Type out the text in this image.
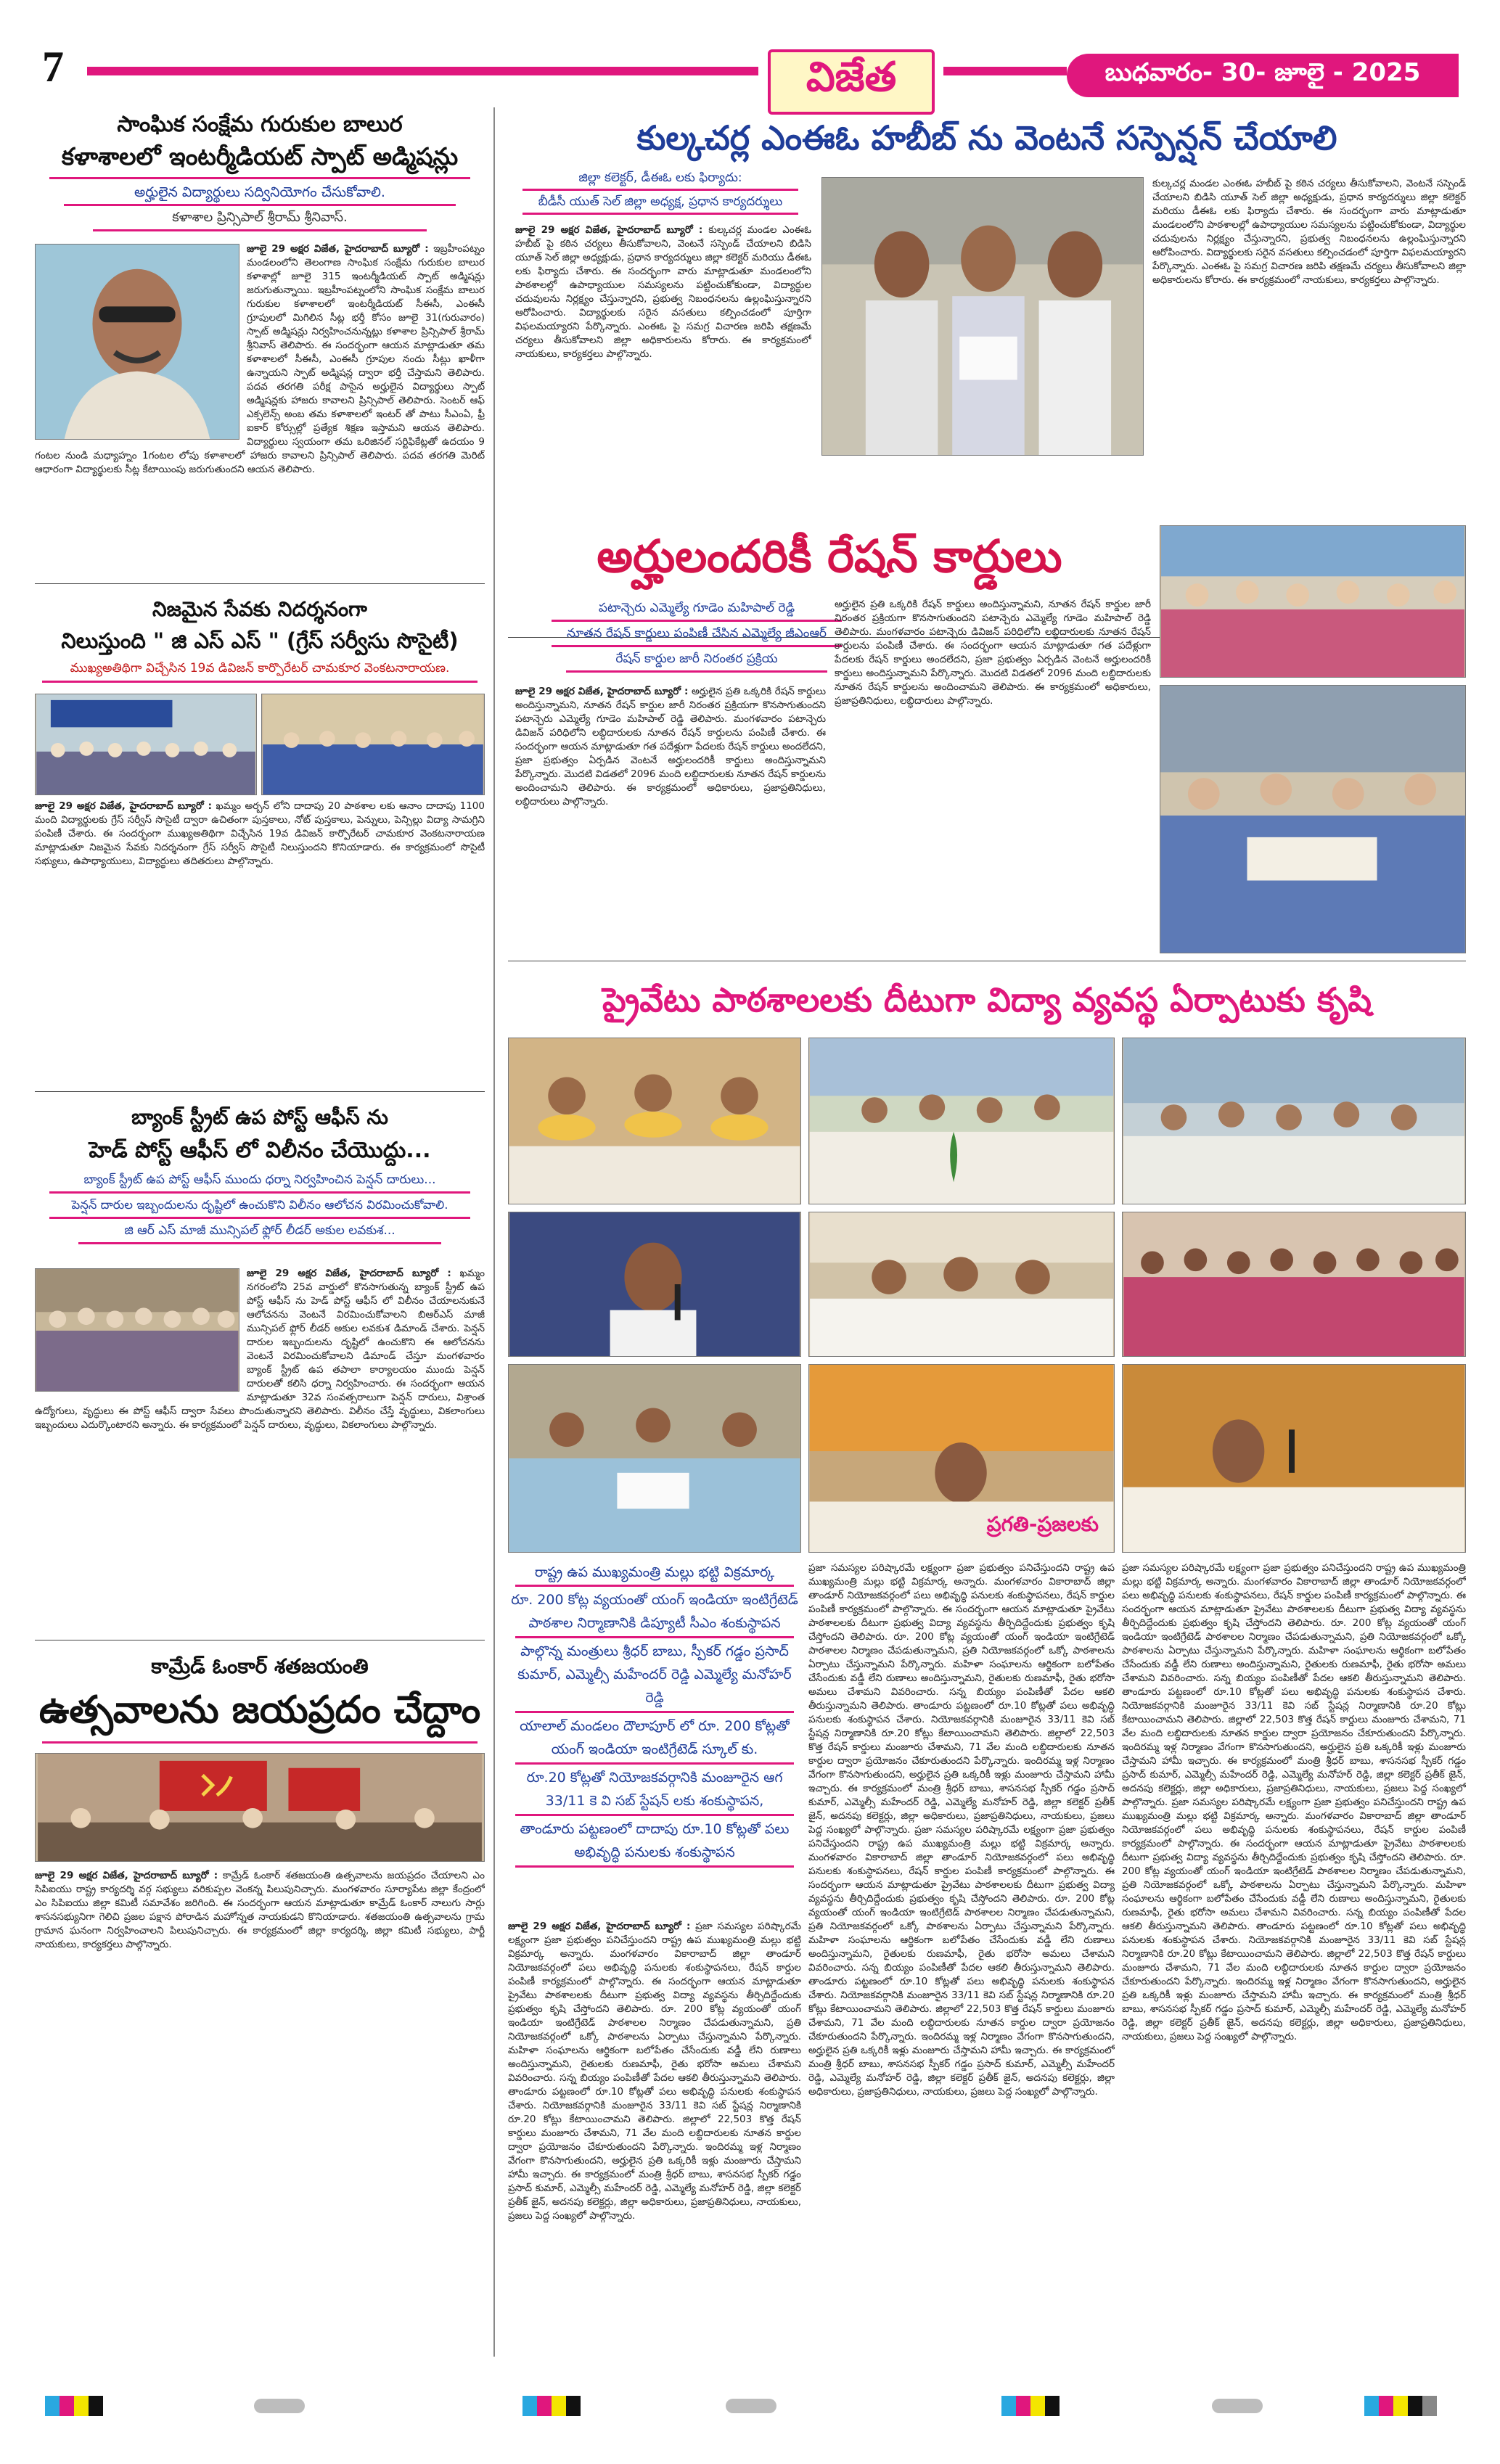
7	విజేత	బుధవారం- 30- జూలై - 2025
సాంఘిక సంక్షేమ గురుకుల బాలుర
కళాశాలలో ఇంటర్మీడియట్ స్పాట్ అడ్మిషన్లు
అర్హులైన విద్యార్థులు సద్వినియోగం చేసుకోవాలి.
కళాశాల ప్రిన్సిపాల్ శ్రీరామ్ శ్రీనివాస్.
జూలై 29 అక్షర విజేత, హైదరాబాద్ బ్యూరో : ఇబ్రహీంపట్నం మండలంలోని తెలంగాణ సాంఘిక సంక్షేమ గురుకుల బాలుర కళాశాల్లో జూలై 315 ఇంటర్మీడియట్ స్పాట్ అడ్మిషన్లు జరుగుతున్నాయి. ఇబ్రహీంపట్నంలోని సాంఘిక సంక్షేమ బాలుర గురుకుల కళాశాలలో ఇంటర్మీడియట్ సీఈసీ, ఎంఈసీ గ్రూపులలో మిగిలిన సీట్ల భర్తీ కోసం జూలై 31(గురువారం) స్పాట్ అడ్మిషన్లు నిర్వహించనున్నట్లు కళాశాల ప్రిన్సిపాల్ శ్రీరామ్ శ్రీనివాస్ తెలిపారు. ఈ సందర్భంగా ఆయన మాట్లాడుతూ తమ కళాశాలలో సీఈసీ, ఎంఈసీ గ్రూపుల నందు సీట్లు ఖాళీగా ఉన్నాయని స్పాట్ అడ్మిషన్ల ద్వారా భర్తీ చేస్తామని తెలిపారు. పదవ తరగతి పరీక్ష పాసైన అర్హులైన విద్యార్థులు స్పాట్ అడ్మిషన్లకు హాజరు కావాలని ప్రిన్సిపాల్ తెలిపారు. సెంటర్ ఆఫ్ ఎక్సలెన్స్ అంబ తమ కళాశాలలో ఇంటర్ తో పాటు సీఎంఏ, ఫ్రీ ఐకార్ కోర్సుల్లో ప్రత్యేక శిక్షణ ఇస్తామని ఆయన తెలిపారు. విద్యార్థులు స్వయంగా తమ ఒరిజినల్ సర్టిఫికేట్లతో ఉదయం 9 గంటల నుండి మధ్యాహ్నం 1గంటల లోపు కళాశాలలో హాజరు కావాలని ప్రిన్సిపాల్ తెలిపారు. పదవ తరగతి మెరిట్ ఆధారంగా విద్యార్థులకు సీట్ల కేటాయింపు జరుగుతుందని ఆయన తెలిపారు.
నిజమైన సేవకు నిదర్శనంగా
నిలుస్తుంది " జి ఎస్ ఎస్ " (గ్రేస్ సర్వీసు సొసైటీ)
ముఖ్యఅతిథిగా విచ్చేసిన 19వ డివిజన్ కార్పొరేటర్ చామకూర వెంకటనారాయణ.
జూలై 29 అక్షర విజేత, హైదరాబాద్ బ్యూరో : ఖమ్మం అర్బన్ లోని దాదాపు 20 పాఠశాల లకు ఆనాం దాదాపు 1100 మంది విద్యార్థులకు గ్రేస్ సర్వీస్ సొసైటీ ద్వారా ఉచితంగా పుస్తకాలు, నోట్ పుస్తకాలు, పెన్నులు, పెన్సిల్లు విద్యా సామగ్రిని పంపిణీ చేశారు. ఈ సందర్భంగా ముఖ్యఅతిథిగా విచ్చేసిన 19వ డివిజన్ కార్పొరేటర్ చామకూర వెంకటనారాయణ మాట్లాడుతూ నిజమైన సేవకు నిదర్శనంగా గ్రేస్ సర్వీస్ సొసైటీ నిలుస్తుందని కొనియాడారు. ఈ కార్యక్రమంలో సొసైటీ సభ్యులు, ఉపాధ్యాయులు, విద్యార్థులు తదితరులు పాల్గొన్నారు.
బ్యాంక్ స్ట్రీట్ ఉప పోస్ట్ ఆఫీస్ ను
హెడ్ పోస్ట్ ఆఫీస్ లో విలీనం చేయొద్దు...
బ్యాంక్ స్ట్రీట్ ఉప పోస్ట్ ఆఫీస్ ముందు ధర్నా నిర్వహించిన పెన్షన్ దారులు...
పెన్షన్ దారుల ఇబ్బందులను దృష్టిలో ఉంచుకొని విలీనం ఆలోచన విరమించుకోవాలి.
జి ఆర్ ఎస్ మాజీ మున్సిపల్ ఫ్లోర్ లీడర్ అకుల లవకుశ...
జూలై 29 అక్షర విజేత, హైదరాబాద్ బ్యూరో : ఖమ్మం నగరంలోని 25వ వార్డులో కొనసాగుతున్న బ్యాంక్ స్ట్రీట్ ఉప పోస్ట్ ఆఫీస్ ను హెడ్ పోస్ట్ ఆఫీస్ లో విలీనం చేయాలనుకునే ఆలోచనను వెంటనే విరమించుకోవాలని బిఆర్ఎస్ మాజీ మున్సిపల్ ఫ్లోర్ లీడర్ అకుల లవకుశ డిమాండ్ చేశారు. పెన్షన్ దారుల ఇబ్బందులను దృష్టిలో ఉంచుకొని ఈ ఆలోచనను వెంటనే విరమించుకోవాలని డిమాండ్ చేస్తూ మంగళవారం బ్యాంక్ స్ట్రీట్ ఉప తపాలా కార్యాలయం ముందు పెన్షన్ దారులతో కలిసి ధర్నా నిర్వహించారు. ఈ సందర్భంగా ఆయన మాట్లాడుతూ 32వ సంవత్సరాలుగా పెన్షన్ దారులు, విశ్రాంత ఉద్యోగులు, వృద్ధులు ఈ పోస్ట్ ఆఫీస్ ద్వారా సేవలు పొందుతున్నారని తెలిపారు. విలీనం చేస్తే వృద్ధులు, వికలాంగులు ఇబ్బందులు ఎదుర్కొంటారని అన్నారు. ఈ కార్యక్రమంలో పెన్షన్ దారులు, వృద్ధులు, వికలాంగులు పాల్గొన్నారు.
కామ్రేడ్ ఓంకార్ శతజయంతి
ఉత్సవాలను జయప్రదం చేద్దాం
జూలై 29 అక్షర విజేత, హైదరాబాద్ బ్యూరో : కామ్రేడ్ ఓంకార్ శతజయంతి ఉత్సవాలను జయప్రదం చేయాలని ఎం సిపిఐయు రాష్ట్ర కార్యదర్శి వర్గ సభ్యులు వరికుప్పల వెంకన్న పిలుపునిచ్చారు. మంగళవారం సూర్యాపేట జిల్లా కేంద్రంలో ఎం సిపిఐయు జిల్లా కమిటీ సమావేశం జరిగింది. ఈ సందర్భంగా ఆయన మాట్లాడుతూ కామ్రేడ్ ఓంకార్ నాలుగు సార్లు శాసనసభ్యునిగా గెలిచి ప్రజల పక్షాన పోరాడిన మహోన్నత నాయకుడని కొనియాడారు. శతజయంతి ఉత్సవాలను గ్రామ గ్రామాన ఘనంగా నిర్వహించాలని పిలుపునిచ్చారు. ఈ కార్యక్రమంలో జిల్లా కార్యదర్శి, జిల్లా కమిటీ సభ్యులు, పార్టీ నాయకులు, కార్యకర్తలు పాల్గొన్నారు.
కుల్కచర్ల ఎంఈఓ హబీబ్ ను వెంటనే సస్పెన్షన్ చేయాలి
జిల్లా కలెక్టర్, డీఈఓ లకు ఫిర్యాదు:
బీడీసీ యుత్ సెల్ జిల్లా అధ్యక్ష, ప్రధాన కార్యదర్శులు
జూలై 29 అక్షర విజేత, హైదరాబాద్ బ్యూరో : కుల్కచర్ల మండల ఎంఈఓ హబీబ్ పై కఠిన చర్యలు తీసుకోవాలని, వెంటనే సస్పెండ్ చేయాలని బిడిసి యూత్ సెల్ జిల్లా అధ్యక్షుడు, ప్రధాన కార్యదర్శులు జిల్లా కలెక్టర్ మరియు డీఈఓ లకు ఫిర్యాదు చేశారు. ఈ సందర్భంగా వారు మాట్లాడుతూ మండలంలోని పాఠశాలల్లో ఉపాధ్యాయుల సమస్యలను పట్టించుకోకుండా, విద్యార్థుల చదువులను నిర్లక్ష్యం చేస్తున్నారని, ప్రభుత్వ నిబంధనలను ఉల్లంఘిస్తున్నారని ఆరోపించారు. విద్యార్థులకు సరైన వసతులు కల్పించడంలో పూర్తిగా విఫలమయ్యారని పేర్కొన్నారు. ఎంఈఓ పై సమగ్ర విచారణ జరిపి తక్షణమే చర్యలు తీసుకోవాలని జిల్లా అధికారులను కోరారు. ఈ కార్యక్రమంలో నాయకులు, కార్యకర్తలు పాల్గొన్నారు.
కుల్కచర్ల మండల ఎంఈఓ హబీబ్ పై కఠిన చర్యలు తీసుకోవాలని, వెంటనే సస్పెండ్ చేయాలని బిడిసి యూత్ సెల్ జిల్లా అధ్యక్షుడు, ప్రధాన కార్యదర్శులు జిల్లా కలెక్టర్ మరియు డీఈఓ లకు ఫిర్యాదు చేశారు. ఈ సందర్భంగా వారు మాట్లాడుతూ మండలంలోని పాఠశాలల్లో ఉపాధ్యాయుల సమస్యలను పట్టించుకోకుండా, విద్యార్థుల చదువులను నిర్లక్ష్యం చేస్తున్నారని, ప్రభుత్వ నిబంధనలను ఉల్లంఘిస్తున్నారని ఆరోపించారు. విద్యార్థులకు సరైన వసతులు కల్పించడంలో పూర్తిగా విఫలమయ్యారని పేర్కొన్నారు. ఎంఈఓ పై సమగ్ర విచారణ జరిపి తక్షణమే చర్యలు తీసుకోవాలని జిల్లా అధికారులను కోరారు. ఈ కార్యక్రమంలో నాయకులు, కార్యకర్తలు పాల్గొన్నారు.
అర్హులందరికీ రేషన్ కార్డులు
పటాన్చెరు ఎమ్మెల్యే గూడెం మహిపాల్ రెడ్డి
నూతన రేషన్ కార్డులు పంపిణీ చేసిన ఎమ్మెల్యే జీఎంఆర్
రేషన్ కార్డుల జారీ నిరంతర ప్రక్రియ
జూలై 29 అక్షర విజేత, హైదరాబాద్ బ్యూరో : అర్హులైన ప్రతి ఒక్కరికి రేషన్ కార్డులు అందిస్తున్నామని, నూతన రేషన్ కార్డుల జారీ నిరంతర ప్రక్రియగా కొనసాగుతుందని పటాన్చెరు ఎమ్మెల్యే గూడెం మహిపాల్ రెడ్డి తెలిపారు. మంగళవారం పటాన్చెరు డివిజన్ పరిధిలోని లబ్ధిదారులకు నూతన రేషన్ కార్డులను పంపిణీ చేశారు. ఈ సందర్భంగా ఆయన మాట్లాడుతూ గత పదేళ్లుగా పేదలకు రేషన్ కార్డులు అందలేదని, ప్రజా ప్రభుత్వం ఏర్పడిన వెంటనే అర్హులందరికీ కార్డులు అందిస్తున్నామని పేర్కొన్నారు. మొదటి విడతలో 2096 మంది లబ్ధిదారులకు నూతన రేషన్ కార్డులను అందించామని తెలిపారు. ఈ కార్యక్రమంలో అధికారులు, ప్రజాప్రతినిధులు, లబ్ధిదారులు పాల్గొన్నారు.
అర్హులైన ప్రతి ఒక్కరికి రేషన్ కార్డులు అందిస్తున్నామని, నూతన రేషన్ కార్డుల జారీ నిరంతర ప్రక్రియగా కొనసాగుతుందని పటాన్చెరు ఎమ్మెల్యే గూడెం మహిపాల్ రెడ్డి తెలిపారు. మంగళవారం పటాన్చెరు డివిజన్ పరిధిలోని లబ్ధిదారులకు నూతన రేషన్ కార్డులను పంపిణీ చేశారు. ఈ సందర్భంగా ఆయన మాట్లాడుతూ గత పదేళ్లుగా పేదలకు రేషన్ కార్డులు అందలేదని, ప్రజా ప్రభుత్వం ఏర్పడిన వెంటనే అర్హులందరికీ కార్డులు అందిస్తున్నామని పేర్కొన్నారు. మొదటి విడతలో 2096 మంది లబ్ధిదారులకు నూతన రేషన్ కార్డులను అందించామని తెలిపారు. ఈ కార్యక్రమంలో అధికారులు, ప్రజాప్రతినిధులు, లబ్ధిదారులు పాల్గొన్నారు.
ప్రైవేటు పాఠశాలలకు దీటుగా విద్యా వ్యవస్థ ఏర్పాటుకు కృషి
ప్రగతి-ప్రజలకు
రాష్ట్ర ఉప ముఖ్యమంత్రి మల్లు భట్టి విక్రమార్క
రూ. 200 కోట్ల వ్యయంతో యంగ్ ఇండియా ఇంటిగ్రేటెడ్ పాఠశాల నిర్మాణానికి డిప్యూటీ సీఎం శంకుస్థాపన
పాల్గొన్న మంత్రులు శ్రీధర్ బాబు, స్పీకర్ గడ్డం ప్రసాద్ కుమార్, ఎమ్మెల్సీ మహేందర్ రెడ్డి ఎమ్మెల్యే మనోహర్ రెడ్డి
యాలాల్ మండలం దౌలాపూర్ లో రూ. 200 కోట్లతో యంగ్ ఇండియా ఇంటిగ్రేటెడ్ స్కూల్ కు.
రూ.20 కోట్లతో నియోజకవర్గానికి మంజూరైన ఆగ 33/11 కె వి సబ్ స్టేషన్ లకు శంకుస్థాపన,
తాండూరు పట్టణంలో దాదాపు రూ.10 కోట్లతో పలు అభివృద్ధి పనులకు శంకుస్థాపన
జూలై 29 అక్షర విజేత, హైదరాబాద్ బ్యూరో : ప్రజా సమస్యల పరిష్కారమే లక్ష్యంగా ప్రజా ప్రభుత్వం పనిచేస్తుందని రాష్ట్ర ఉప ముఖ్యమంత్రి మల్లు భట్టి విక్రమార్క అన్నారు. మంగళవారం వికారాబాద్ జిల్లా తాండూర్ నియోజకవర్గంలో పలు అభివృద్ధి పనులకు శంకుస్థాపనలు, రేషన్ కార్డుల పంపిణీ కార్యక్రమంలో పాల్గొన్నారు. ఈ సందర్భంగా ఆయన మాట్లాడుతూ ప్రైవేటు పాఠశాలలకు దీటుగా ప్రభుత్వ విద్యా వ్యవస్థను తీర్చిదిద్దేందుకు ప్రభుత్వం కృషి చేస్తోందని తెలిపారు. రూ. 200 కోట్ల వ్యయంతో యంగ్ ఇండియా ఇంటిగ్రేటెడ్ పాఠశాలల నిర్మాణం చేపడుతున్నామని, ప్రతి నియోజకవర్గంలో ఒక్కో పాఠశాలను ఏర్పాటు చేస్తున్నామని పేర్కొన్నారు. మహిళా సంఘాలను ఆర్థికంగా బలోపేతం చేసేందుకు వడ్డీ లేని రుణాలు అందిస్తున్నామని, రైతులకు రుణమాఫీ, రైతు భరోసా అమలు చేశామని వివరించారు. సన్న బియ్యం పంపిణీతో పేదల ఆకలి తీరుస్తున్నామని తెలిపారు. తాండూరు పట్టణంలో రూ.10 కోట్లతో పలు అభివృద్ధి పనులకు శంకుస్థాపన చేశారు. నియోజకవర్గానికి మంజూరైన 33/11 కెవి సబ్ స్టేషన్ల నిర్మాణానికి రూ.20 కోట్లు కేటాయించామని తెలిపారు. జిల్లాలో 22,503 కొత్త రేషన్ కార్డులు మంజూరు చేశామని, 71 వేల మంది లబ్ధిదారులకు నూతన కార్డుల ద్వారా ప్రయోజనం చేకూరుతుందని పేర్కొన్నారు. ఇందిరమ్మ ఇళ్ల నిర్మాణం వేగంగా కొనసాగుతుందని, అర్హులైన ప్రతి ఒక్కరికీ ఇళ్లు మంజూరు చేస్తామని హామీ ఇచ్చారు. ఈ కార్యక్రమంలో మంత్రి శ్రీధర్ బాబు, శాసనసభ స్పీకర్ గడ్డం ప్రసాద్ కుమార్, ఎమ్మెల్సీ మహేందర్ రెడ్డి, ఎమ్మెల్యే మనోహర్ రెడ్డి, జిల్లా కలెక్టర్ ప్రతీక్ జైన్, అదనపు కలెక్టర్లు, జిల్లా అధికారులు, ప్రజాప్రతినిధులు, నాయకులు, ప్రజలు పెద్ద సంఖ్యలో పాల్గొన్నారు.
ప్రజా సమస్యల పరిష్కారమే లక్ష్యంగా ప్రజా ప్రభుత్వం పనిచేస్తుందని రాష్ట్ర ఉప ముఖ్యమంత్రి మల్లు భట్టి విక్రమార్క అన్నారు. మంగళవారం వికారాబాద్ జిల్లా తాండూర్ నియోజకవర్గంలో పలు అభివృద్ధి పనులకు శంకుస్థాపనలు, రేషన్ కార్డుల పంపిణీ కార్యక్రమంలో పాల్గొన్నారు. ఈ సందర్భంగా ఆయన మాట్లాడుతూ ప్రైవేటు పాఠశాలలకు దీటుగా ప్రభుత్వ విద్యా వ్యవస్థను తీర్చిదిద్దేందుకు ప్రభుత్వం కృషి చేస్తోందని తెలిపారు. రూ. 200 కోట్ల వ్యయంతో యంగ్ ఇండియా ఇంటిగ్రేటెడ్ పాఠశాలల నిర్మాణం చేపడుతున్నామని, ప్రతి నియోజకవర్గంలో ఒక్కో పాఠశాలను ఏర్పాటు చేస్తున్నామని పేర్కొన్నారు. మహిళా సంఘాలను ఆర్థికంగా బలోపేతం చేసేందుకు వడ్డీ లేని రుణాలు అందిస్తున్నామని, రైతులకు రుణమాఫీ, రైతు భరోసా అమలు చేశామని వివరించారు. సన్న బియ్యం పంపిణీతో పేదల ఆకలి తీరుస్తున్నామని తెలిపారు. తాండూరు పట్టణంలో రూ.10 కోట్లతో పలు అభివృద్ధి పనులకు శంకుస్థాపన చేశారు. నియోజకవర్గానికి మంజూరైన 33/11 కెవి సబ్ స్టేషన్ల నిర్మాణానికి రూ.20 కోట్లు కేటాయించామని తెలిపారు. జిల్లాలో 22,503 కొత్త రేషన్ కార్డులు మంజూరు చేశామని, 71 వేల మంది లబ్ధిదారులకు నూతన కార్డుల ద్వారా ప్రయోజనం చేకూరుతుందని పేర్కొన్నారు. ఇందిరమ్మ ఇళ్ల నిర్మాణం వేగంగా కొనసాగుతుందని, అర్హులైన ప్రతి ఒక్కరికీ ఇళ్లు మంజూరు చేస్తామని హామీ ఇచ్చారు. ఈ కార్యక్రమంలో మంత్రి శ్రీధర్ బాబు, శాసనసభ స్పీకర్ గడ్డం ప్రసాద్ కుమార్, ఎమ్మెల్సీ మహేందర్ రెడ్డి, ఎమ్మెల్యే మనోహర్ రెడ్డి, జిల్లా కలెక్టర్ ప్రతీక్ జైన్, అదనపు కలెక్టర్లు, జిల్లా అధికారులు, ప్రజాప్రతినిధులు, నాయకులు, ప్రజలు పెద్ద సంఖ్యలో పాల్గొన్నారు. ప్రజా సమస్యల పరిష్కారమే లక్ష్యంగా ప్రజా ప్రభుత్వం పనిచేస్తుందని రాష్ట్ర ఉప ముఖ్యమంత్రి మల్లు భట్టి విక్రమార్క అన్నారు. మంగళవారం వికారాబాద్ జిల్లా తాండూర్ నియోజకవర్గంలో పలు అభివృద్ధి పనులకు శంకుస్థాపనలు, రేషన్ కార్డుల పంపిణీ కార్యక్రమంలో పాల్గొన్నారు. ఈ సందర్భంగా ఆయన మాట్లాడుతూ ప్రైవేటు పాఠశాలలకు దీటుగా ప్రభుత్వ విద్యా వ్యవస్థను తీర్చిదిద్దేందుకు ప్రభుత్వం కృషి చేస్తోందని తెలిపారు. రూ. 200 కోట్ల వ్యయంతో యంగ్ ఇండియా ఇంటిగ్రేటెడ్ పాఠశాలల నిర్మాణం చేపడుతున్నామని, ప్రతి నియోజకవర్గంలో ఒక్కో పాఠశాలను ఏర్పాటు చేస్తున్నామని పేర్కొన్నారు. మహిళా సంఘాలను ఆర్థికంగా బలోపేతం చేసేందుకు వడ్డీ లేని రుణాలు అందిస్తున్నామని, రైతులకు రుణమాఫీ, రైతు భరోసా అమలు చేశామని వివరించారు. సన్న బియ్యం పంపిణీతో పేదల ఆకలి తీరుస్తున్నామని తెలిపారు. తాండూరు పట్టణంలో రూ.10 కోట్లతో పలు అభివృద్ధి పనులకు శంకుస్థాపన చేశారు. నియోజకవర్గానికి మంజూరైన 33/11 కెవి సబ్ స్టేషన్ల నిర్మాణానికి రూ.20 కోట్లు కేటాయించామని తెలిపారు. జిల్లాలో 22,503 కొత్త రేషన్ కార్డులు మంజూరు చేశామని, 71 వేల మంది లబ్ధిదారులకు నూతన కార్డుల ద్వారా ప్రయోజనం చేకూరుతుందని పేర్కొన్నారు. ఇందిరమ్మ ఇళ్ల నిర్మాణం వేగంగా కొనసాగుతుందని, అర్హులైన ప్రతి ఒక్కరికీ ఇళ్లు మంజూరు చేస్తామని హామీ ఇచ్చారు. ఈ కార్యక్రమంలో మంత్రి శ్రీధర్ బాబు, శాసనసభ స్పీకర్ గడ్డం ప్రసాద్ కుమార్, ఎమ్మెల్సీ మహేందర్ రెడ్డి, ఎమ్మెల్యే మనోహర్ రెడ్డి, జిల్లా కలెక్టర్ ప్రతీక్ జైన్, అదనపు కలెక్టర్లు, జిల్లా అధికారులు, ప్రజాప్రతినిధులు, నాయకులు, ప్రజలు పెద్ద సంఖ్యలో పాల్గొన్నారు.
ప్రజా సమస్యల పరిష్కారమే లక్ష్యంగా ప్రజా ప్రభుత్వం పనిచేస్తుందని రాష్ట్ర ఉప ముఖ్యమంత్రి మల్లు భట్టి విక్రమార్క అన్నారు. మంగళవారం వికారాబాద్ జిల్లా తాండూర్ నియోజకవర్గంలో పలు అభివృద్ధి పనులకు శంకుస్థాపనలు, రేషన్ కార్డుల పంపిణీ కార్యక్రమంలో పాల్గొన్నారు. ఈ సందర్భంగా ఆయన మాట్లాడుతూ ప్రైవేటు పాఠశాలలకు దీటుగా ప్రభుత్వ విద్యా వ్యవస్థను తీర్చిదిద్దేందుకు ప్రభుత్వం కృషి చేస్తోందని తెలిపారు. రూ. 200 కోట్ల వ్యయంతో యంగ్ ఇండియా ఇంటిగ్రేటెడ్ పాఠశాలల నిర్మాణం చేపడుతున్నామని, ప్రతి నియోజకవర్గంలో ఒక్కో పాఠశాలను ఏర్పాటు చేస్తున్నామని పేర్కొన్నారు. మహిళా సంఘాలను ఆర్థికంగా బలోపేతం చేసేందుకు వడ్డీ లేని రుణాలు అందిస్తున్నామని, రైతులకు రుణమాఫీ, రైతు భరోసా అమలు చేశామని వివరించారు. సన్న బియ్యం పంపిణీతో పేదల ఆకలి తీరుస్తున్నామని తెలిపారు. తాండూరు పట్టణంలో రూ.10 కోట్లతో పలు అభివృద్ధి పనులకు శంకుస్థాపన చేశారు. నియోజకవర్గానికి మంజూరైన 33/11 కెవి సబ్ స్టేషన్ల నిర్మాణానికి రూ.20 కోట్లు కేటాయించామని తెలిపారు. జిల్లాలో 22,503 కొత్త రేషన్ కార్డులు మంజూరు చేశామని, 71 వేల మంది లబ్ధిదారులకు నూతన కార్డుల ద్వారా ప్రయోజనం చేకూరుతుందని పేర్కొన్నారు. ఇందిరమ్మ ఇళ్ల నిర్మాణం వేగంగా కొనసాగుతుందని, అర్హులైన ప్రతి ఒక్కరికీ ఇళ్లు మంజూరు చేస్తామని హామీ ఇచ్చారు. ఈ కార్యక్రమంలో మంత్రి శ్రీధర్ బాబు, శాసనసభ స్పీకర్ గడ్డం ప్రసాద్ కుమార్, ఎమ్మెల్సీ మహేందర్ రెడ్డి, ఎమ్మెల్యే మనోహర్ రెడ్డి, జిల్లా కలెక్టర్ ప్రతీక్ జైన్, అదనపు కలెక్టర్లు, జిల్లా అధికారులు, ప్రజాప్రతినిధులు, నాయకులు, ప్రజలు పెద్ద సంఖ్యలో పాల్గొన్నారు. ప్రజా సమస్యల పరిష్కారమే లక్ష్యంగా ప్రజా ప్రభుత్వం పనిచేస్తుందని రాష్ట్ర ఉప ముఖ్యమంత్రి మల్లు భట్టి విక్రమార్క అన్నారు. మంగళవారం వికారాబాద్ జిల్లా తాండూర్ నియోజకవర్గంలో పలు అభివృద్ధి పనులకు శంకుస్థాపనలు, రేషన్ కార్డుల పంపిణీ కార్యక్రమంలో పాల్గొన్నారు. ఈ సందర్భంగా ఆయన మాట్లాడుతూ ప్రైవేటు పాఠశాలలకు దీటుగా ప్రభుత్వ విద్యా వ్యవస్థను తీర్చిదిద్దేందుకు ప్రభుత్వం కృషి చేస్తోందని తెలిపారు. రూ. 200 కోట్ల వ్యయంతో యంగ్ ఇండియా ఇంటిగ్రేటెడ్ పాఠశాలల నిర్మాణం చేపడుతున్నామని, ప్రతి నియోజకవర్గంలో ఒక్కో పాఠశాలను ఏర్పాటు చేస్తున్నామని పేర్కొన్నారు. మహిళా సంఘాలను ఆర్థికంగా బలోపేతం చేసేందుకు వడ్డీ లేని రుణాలు అందిస్తున్నామని, రైతులకు రుణమాఫీ, రైతు భరోసా అమలు చేశామని వివరించారు. సన్న బియ్యం పంపిణీతో పేదల ఆకలి తీరుస్తున్నామని తెలిపారు. తాండూరు పట్టణంలో రూ.10 కోట్లతో పలు అభివృద్ధి పనులకు శంకుస్థాపన చేశారు. నియోజకవర్గానికి మంజూరైన 33/11 కెవి సబ్ స్టేషన్ల నిర్మాణానికి రూ.20 కోట్లు కేటాయించామని తెలిపారు. జిల్లాలో 22,503 కొత్త రేషన్ కార్డులు మంజూరు చేశామని, 71 వేల మంది లబ్ధిదారులకు నూతన కార్డుల ద్వారా ప్రయోజనం చేకూరుతుందని పేర్కొన్నారు. ఇందిరమ్మ ఇళ్ల నిర్మాణం వేగంగా కొనసాగుతుందని, అర్హులైన ప్రతి ఒక్కరికీ ఇళ్లు మంజూరు చేస్తామని హామీ ఇచ్చారు. ఈ కార్యక్రమంలో మంత్రి శ్రీధర్ బాబు, శాసనసభ స్పీకర్ గడ్డం ప్రసాద్ కుమార్, ఎమ్మెల్సీ మహేందర్ రెడ్డి, ఎమ్మెల్యే మనోహర్ రెడ్డి, జిల్లా కలెక్టర్ ప్రతీక్ జైన్, అదనపు కలెక్టర్లు, జిల్లా అధికారులు, ప్రజాప్రతినిధులు, నాయకులు, ప్రజలు పెద్ద సంఖ్యలో పాల్గొన్నారు.
